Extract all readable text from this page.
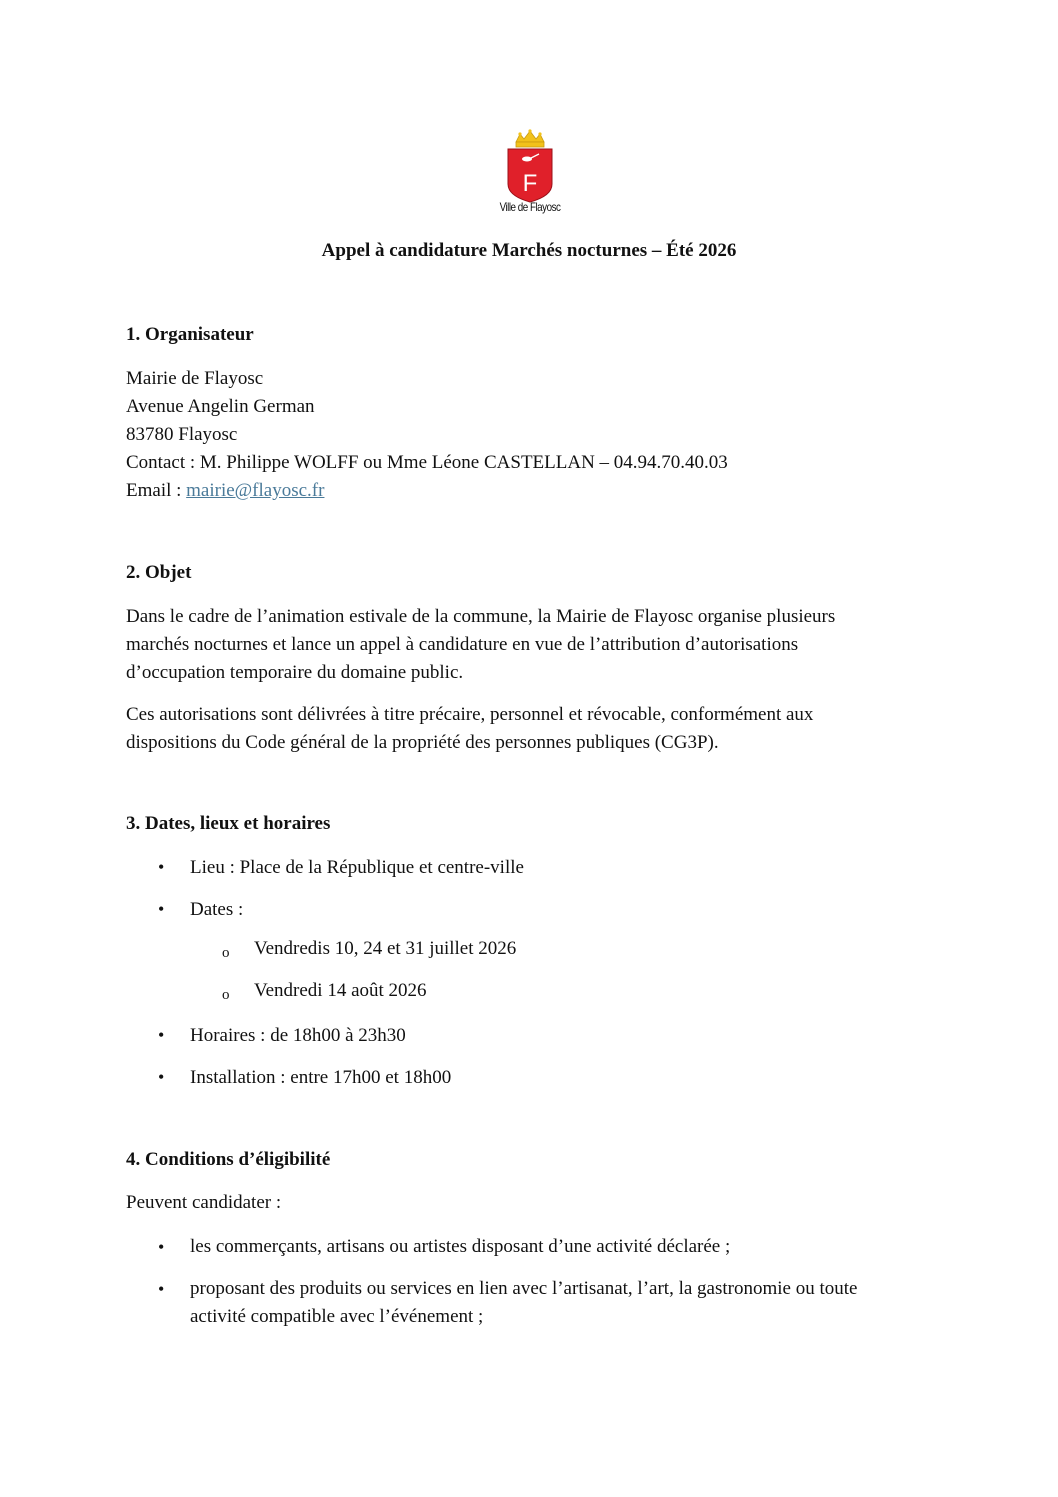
F
Ville de Flayosc
Appel à candidature Marchés nocturnes – Été 2026
1. Organisateur
Mairie de Flayosc
Avenue Angelin German
83780 Flayosc
Contact : M. Philippe WOLFF ou Mme Léone CASTELLAN – 04.94.70.40.03
Email : mairie@flayosc.fr
2. Objet
Dans le cadre de l’animation estivale de la commune, la Mairie de Flayosc organise plusieurs
marchés nocturnes et lance un appel à candidature en vue de l’attribution d’autorisations
d’occupation temporaire du domaine public.
Ces autorisations sont délivrées à titre précaire, personnel et révocable, conformément aux
dispositions du Code général de la propriété des personnes publiques (CG3P).
3. Dates, lieux et horaires
• Lieu : Place de la République et centre-ville
• Dates :
o Vendredis 10, 24 et 31 juillet 2026
o Vendredi 14 août 2026
• Horaires : de 18h00 à 23h30
• Installation : entre 17h00 et 18h00
4. Conditions d’éligibilité
Peuvent candidater :
• les commerçants, artisans ou artistes disposant d’une activité déclarée ;
• proposant des produits ou services en lien avec l’artisanat, l’art, la gastronomie ou toute
activité compatible avec l’événement ;
